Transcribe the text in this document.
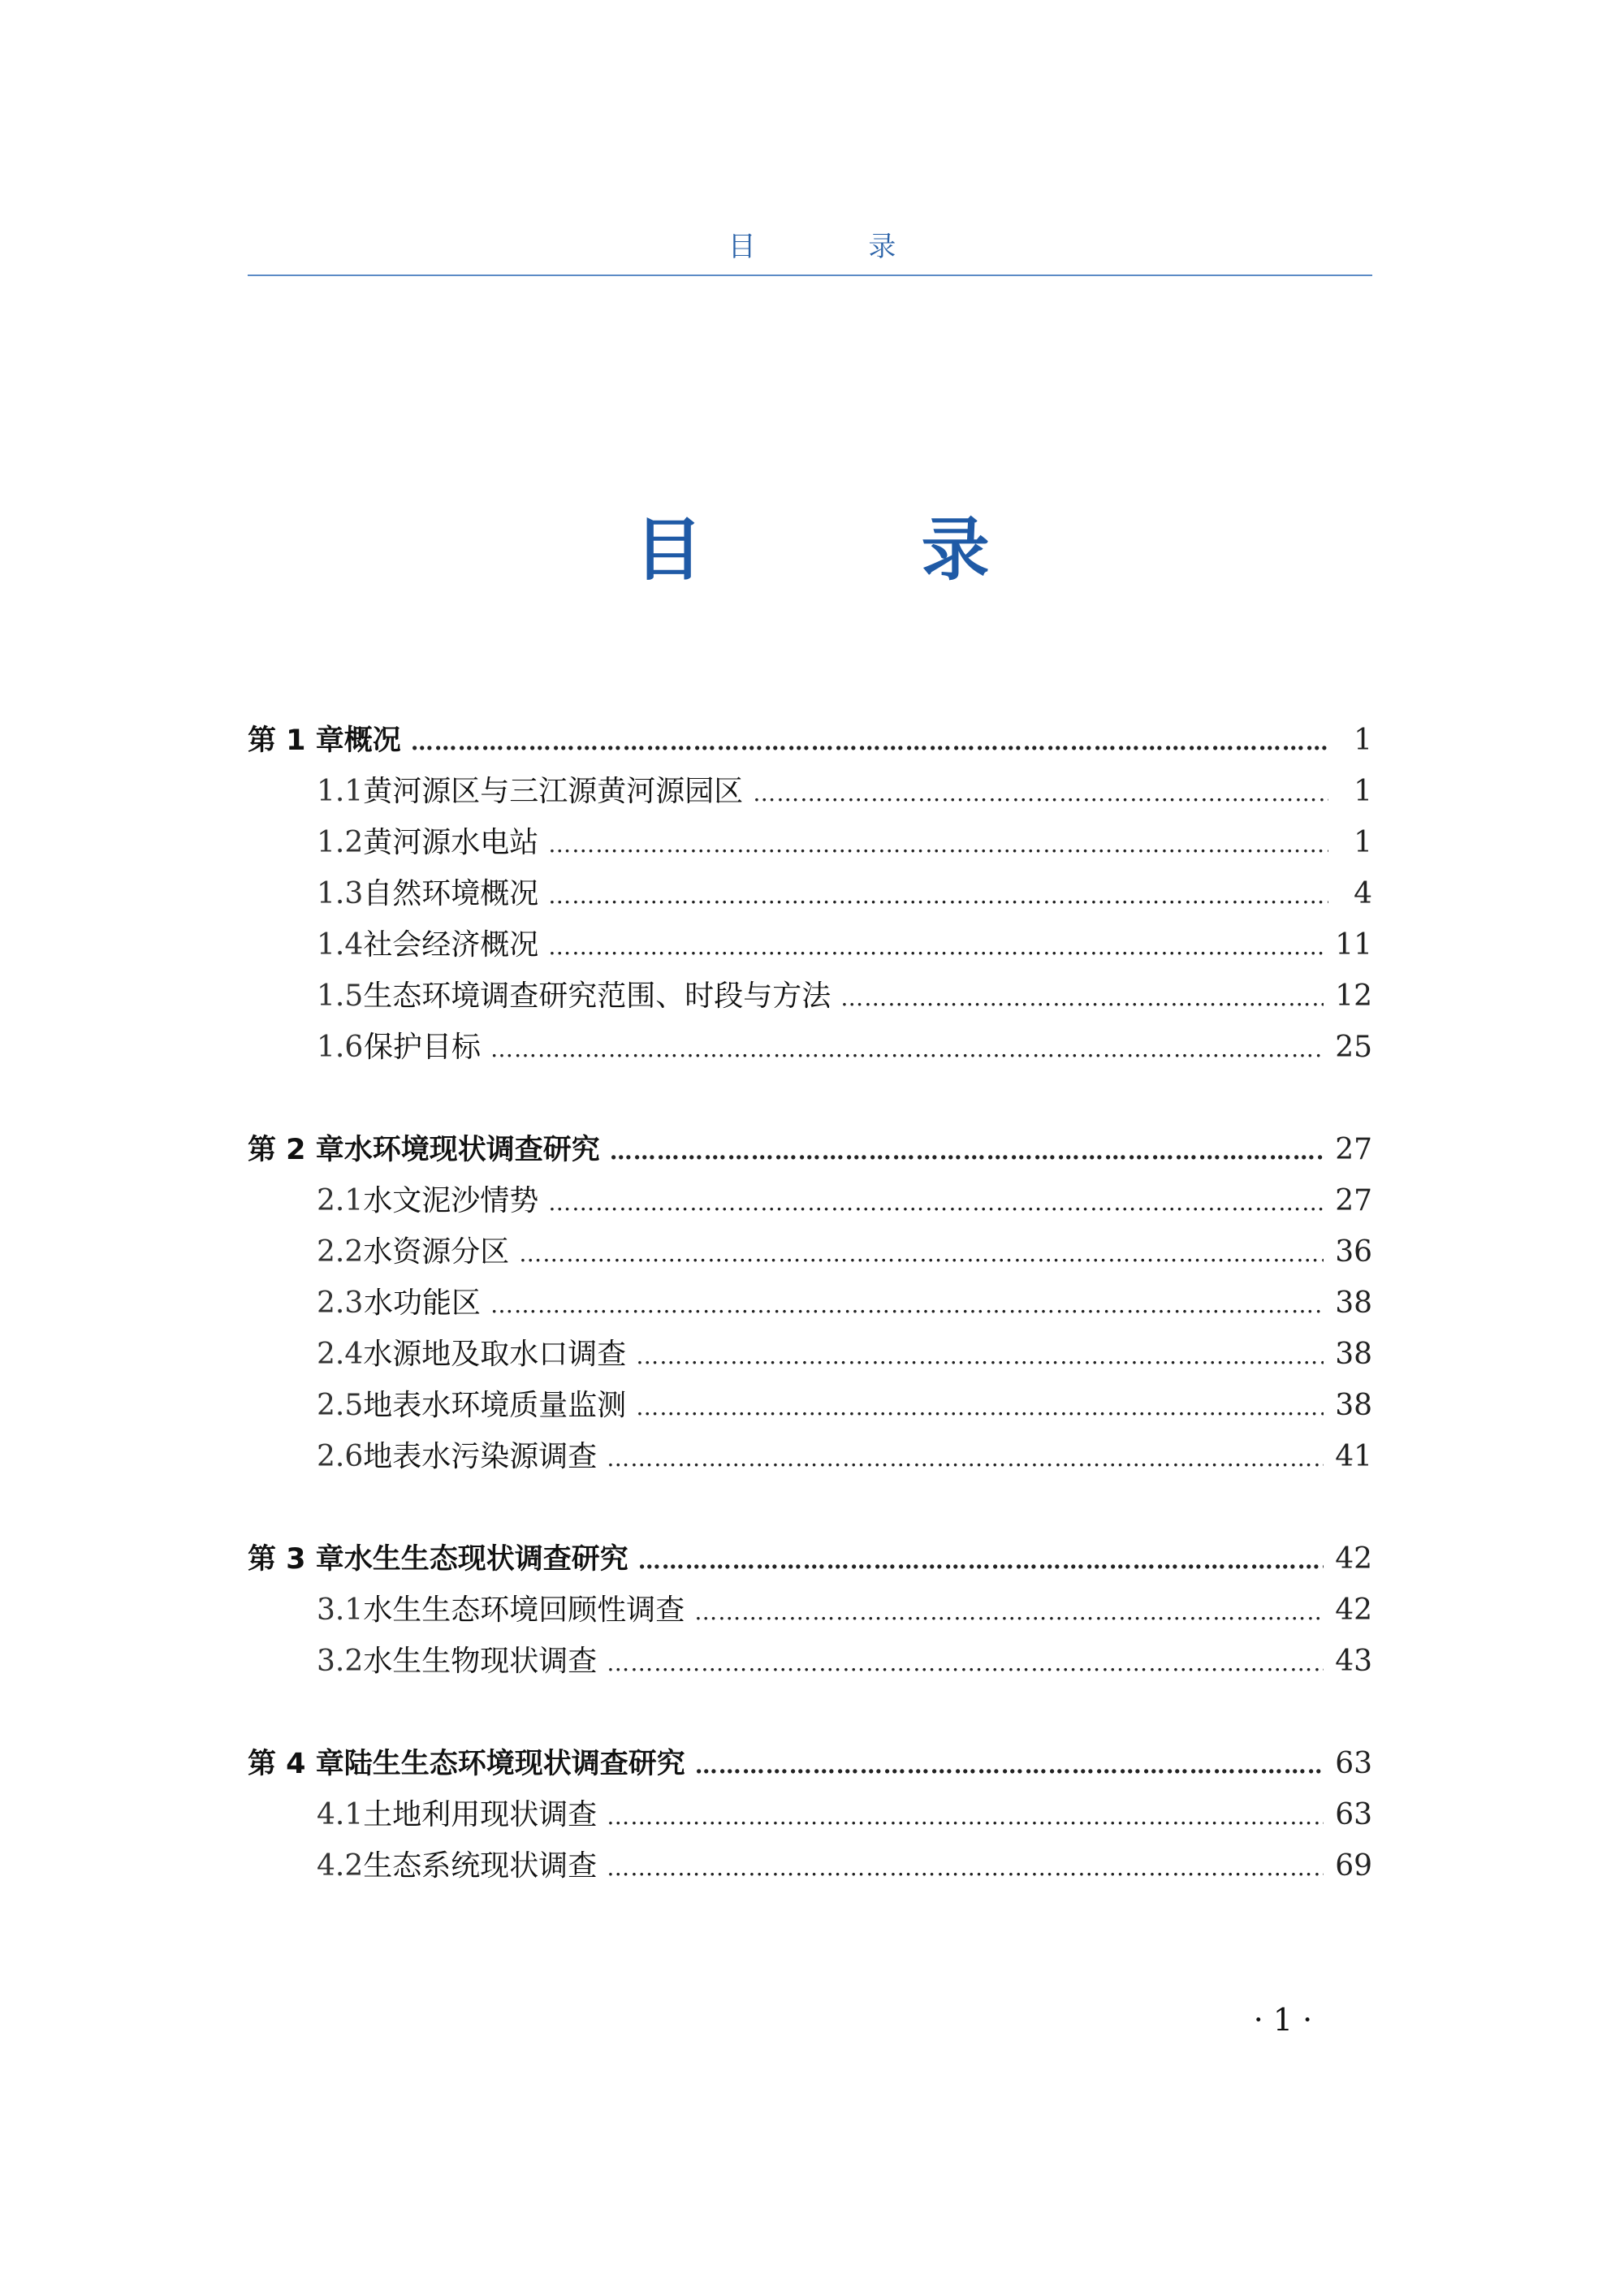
目 录
目 录
第 1 章 概况 …………………………………………………………………………………………………………………………………………………………	1
1.1 黄河源区与三江源黄河源园区 …………………………………………………………………………………………………………………………………………………………	1
1.2 黄河源水电站 …………………………………………………………………………………………………………………………………………………………	1
1.3 自然环境概况 …………………………………………………………………………………………………………………………………………………………	4
1.4 社会经济概况 …………………………………………………………………………………………………………………………………………………………	11
1.5 生态环境调查研究范围、时段与方法 …………………………………………………………………………………………………………………………………………………………	12
1.6 保护目标 …………………………………………………………………………………………………………………………………………………………	25
第 2 章 水环境现状调查研究 …………………………………………………………………………………………………………………………………………………………	27
2.1 水文泥沙情势 …………………………………………………………………………………………………………………………………………………………	27
2.2 水资源分区 …………………………………………………………………………………………………………………………………………………………	36
2.3 水功能区 …………………………………………………………………………………………………………………………………………………………	38
2.4 水源地及取水口调查 …………………………………………………………………………………………………………………………………………………………	38
2.5 地表水环境质量监测 …………………………………………………………………………………………………………………………………………………………	38
2.6 地表水污染源调查 …………………………………………………………………………………………………………………………………………………………	41
第 3 章 水生生态现状调查研究 …………………………………………………………………………………………………………………………………………………………	42
3.1 水生生态环境回顾性调查 …………………………………………………………………………………………………………………………………………………………	42
3.2 水生生物现状调查 …………………………………………………………………………………………………………………………………………………………	43
第 4 章 陆生生态环境现状调查研究 …………………………………………………………………………………………………………………………………………………………	63
4.1 土地利用现状调查 …………………………………………………………………………………………………………………………………………………………	63
4.2 生态系统现状调查 …………………………………………………………………………………………………………………………………………………………	69
· 1 ·
